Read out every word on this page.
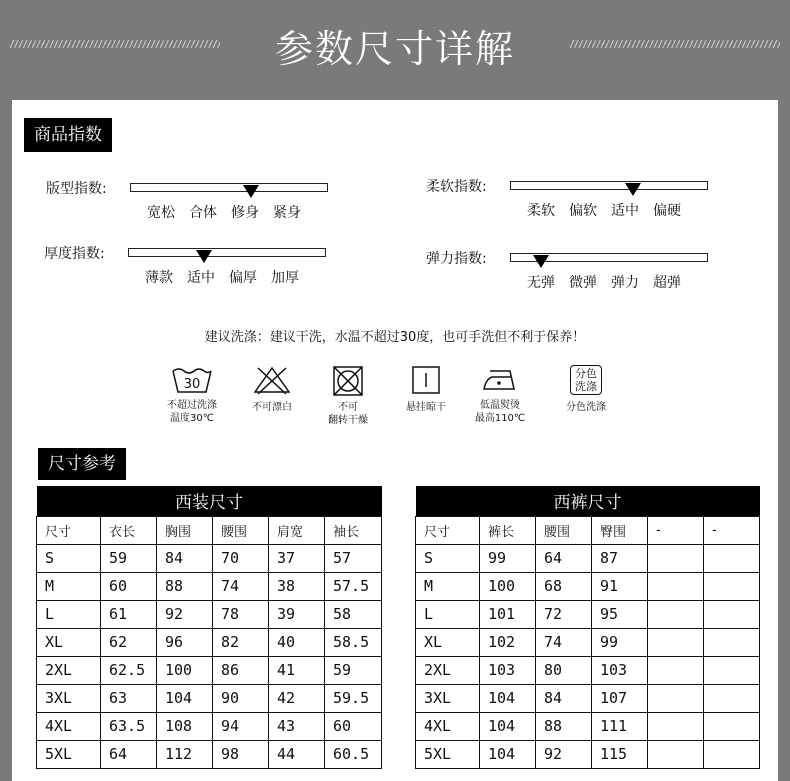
参数尺寸详解
商品指数
版型指数:
宽松 合体 修身 紧身
柔软指数:
柔软 偏软 适中 偏硬
厚度指数:
薄款 适中 偏厚 加厚
弹力指数:
无弹 微弹 弹力 超弹
建议洗涤：建议干洗，水温不超过30度，也可手洗但不利于保养！
30
不超过洗涤
温度30℃
不可漂白	不可
翻转干燥
悬挂晾干	低温熨烫
最高110℃
分色
洗涤
分色洗涤
尺寸参考
西装尺寸					
尺寸	衣长	胸围	腰围	肩宽	袖长
S	59	84	70	37	57
M	60	88	74	38	57.5
L	61	92	78	39	58
XL	62	96	82	40	58.5
2XL	62.5	100	86	41	59
3XL	63	104	90	42	59.5
4XL	63.5	108	94	43	60
5XL	64	112	98	44	60.5
西裤尺寸					
尺寸	裤长	腰围	臀围	-	-
S	99	64	87		
M	100	68	91		
L	101	72	95		
XL	102	74	99		
2XL	103	80	103		
3XL	104	84	107		
4XL	104	88	111		
5XL	104	92	115		
